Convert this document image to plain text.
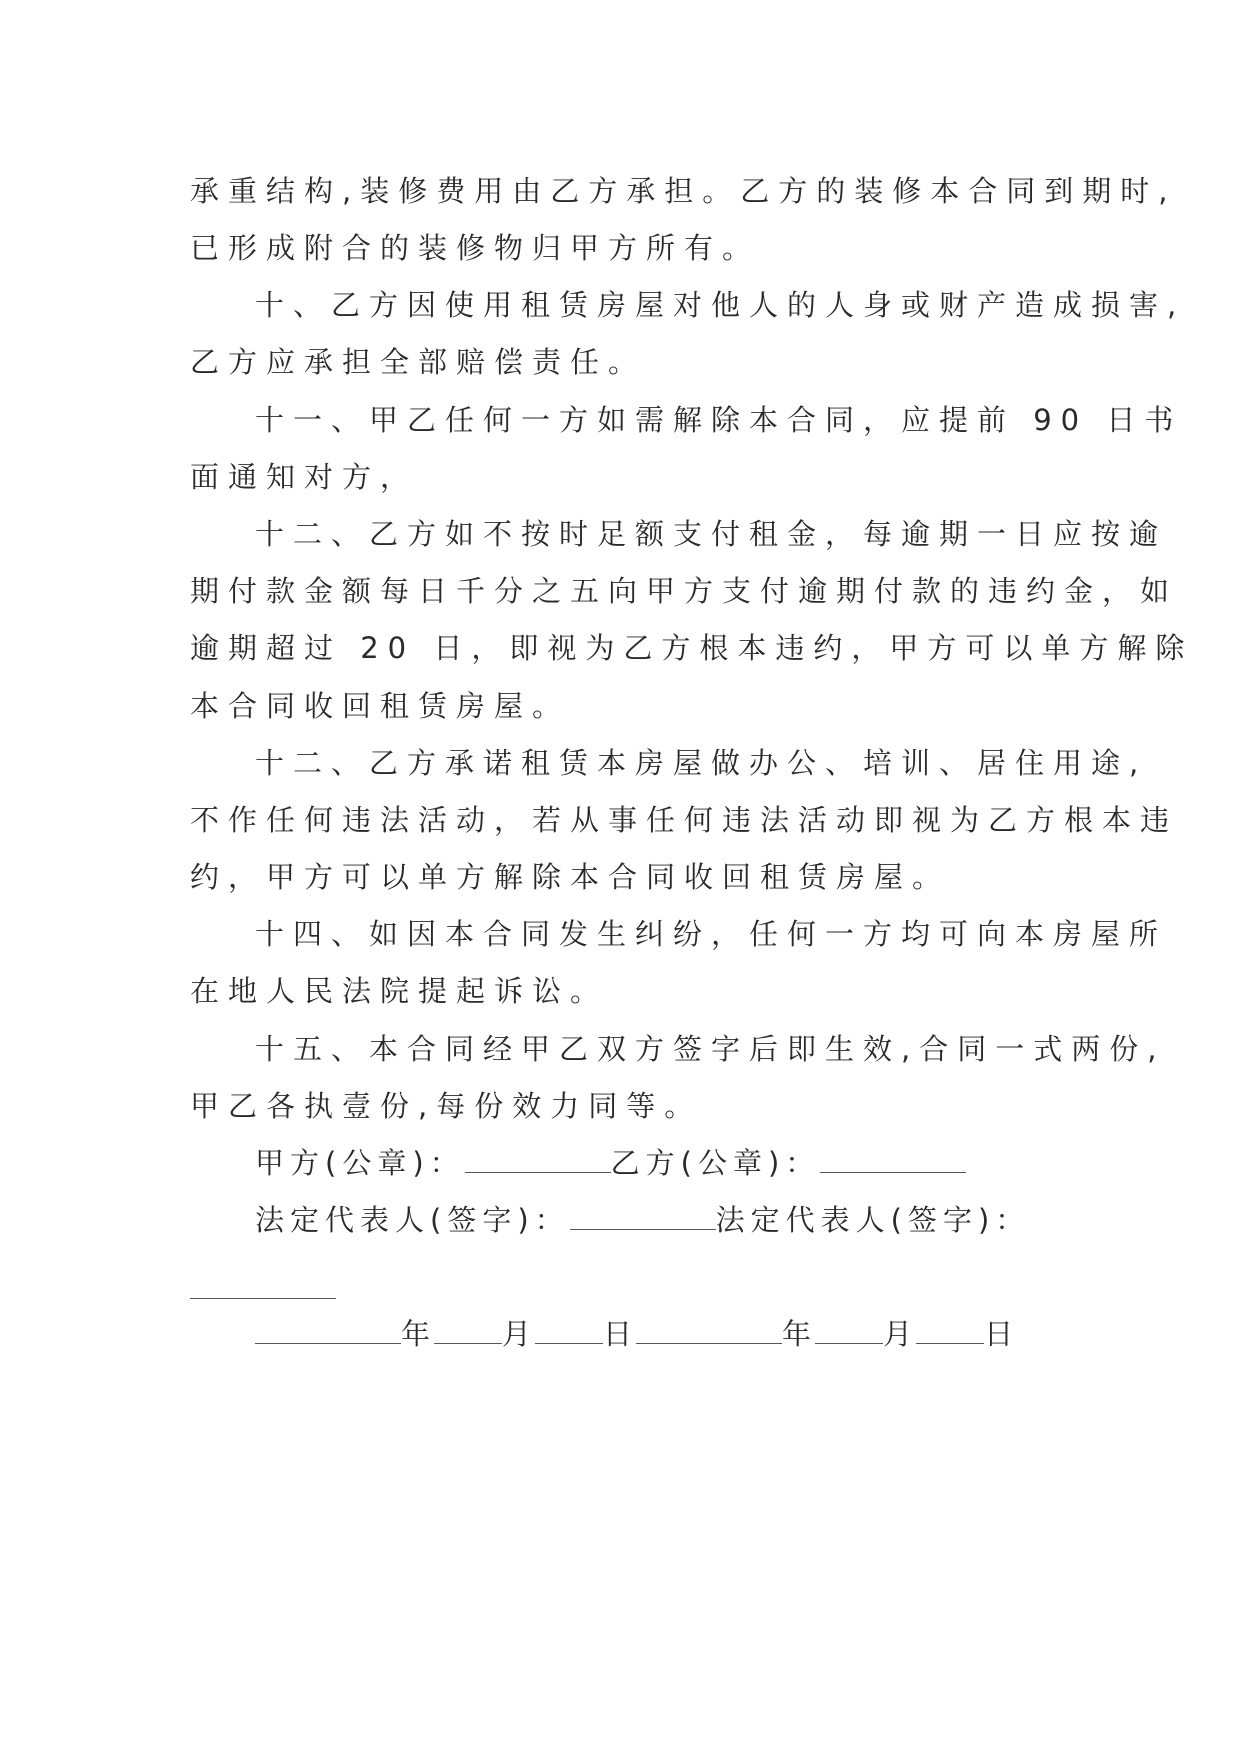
承重结构,装修费用由乙方承担。乙方的装修本合同到期时,
已形成附合的装修物归甲方所有。
十、乙方因使用租赁房屋对他人的人身或财产造成损害,
乙方应承担全部赔偿责任。
十一、甲乙任何一方如需解除本合同，应提前 90 日书
面通知对方，
十二、乙方如不按时足额支付租金，每逾期一日应按逾
期付款金额每日千分之五向甲方支付逾期付款的违约金，如
逾期超过 20 日，即视为乙方根本违约，甲方可以单方解除
本合同收回租赁房屋。
十二、乙方承诺租赁本房屋做办公、培训、居住用途,
不作任何违法活动，若从事任何违法活动即视为乙方根本违
约，甲方可以单方解除本合同收回租赁房屋。
十四、如因本合同发生纠纷，任何一方均可向本房屋所
在地人民法院提起诉讼。
十五、本合同经甲乙双方签字后即生效,合同一式两份,
甲乙各执壹份,每份效力同等。
甲方(公章)：	乙方(公章)：
法定代表人(签字)：	法定代表人(签字)：
年 月 日	年 月 日
